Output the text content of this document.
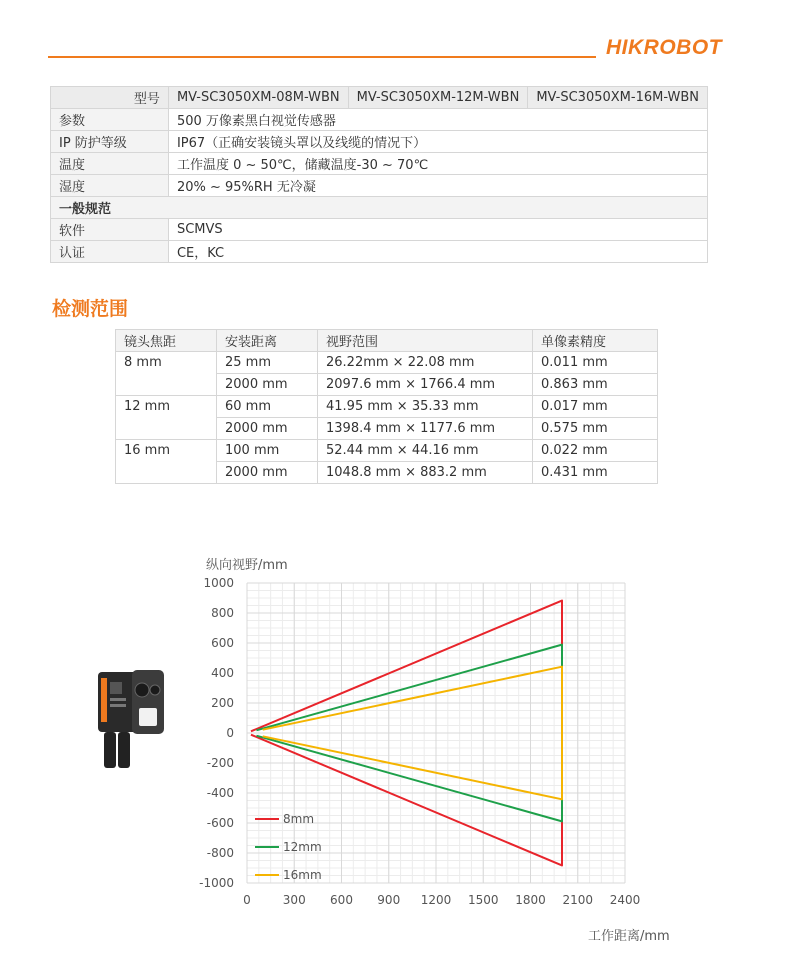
HIKROBOT
型号	MV-SC3050XM-08M-WBN	MV-SC3050XM-12M-WBN	MV-SC3050XM-16M-WBN
参数	500 万像素黑白视觉传感器		
IP 防护等级	IP67（正确安装镜头罩以及线缆的情况下）		
温度	工作温度 0 ~ 50℃，储藏温度-30 ~ 70℃		
湿度	20% ~ 95%RH 无冷凝		
一般规范			
软件	SCMVS		
认证	CE，KC		
检测范围
镜头焦距	安装距离	视野范围	单像素精度
8 mm	25 mm	26.22mm × 22.08 mm	0.011 mm
	2000 mm	2097.6 mm × 1766.4 mm	0.863 mm
12 mm	60 mm	41.95 mm × 35.33 mm	0.017 mm
	2000 mm	1398.4 mm × 1177.6 mm	0.575 mm
16 mm	100 mm	52.44 mm × 44.16 mm	0.022 mm
	2000 mm	1048.8 mm × 883.2 mm	0.431 mm
0	300 600 900 1200 1500 1800 2100 2400
1000
800
600
400
200
0
-200
-400
-600
-800
-1000
8mm
12mm
16mm
纵向视野/mm
工作距离/mm
